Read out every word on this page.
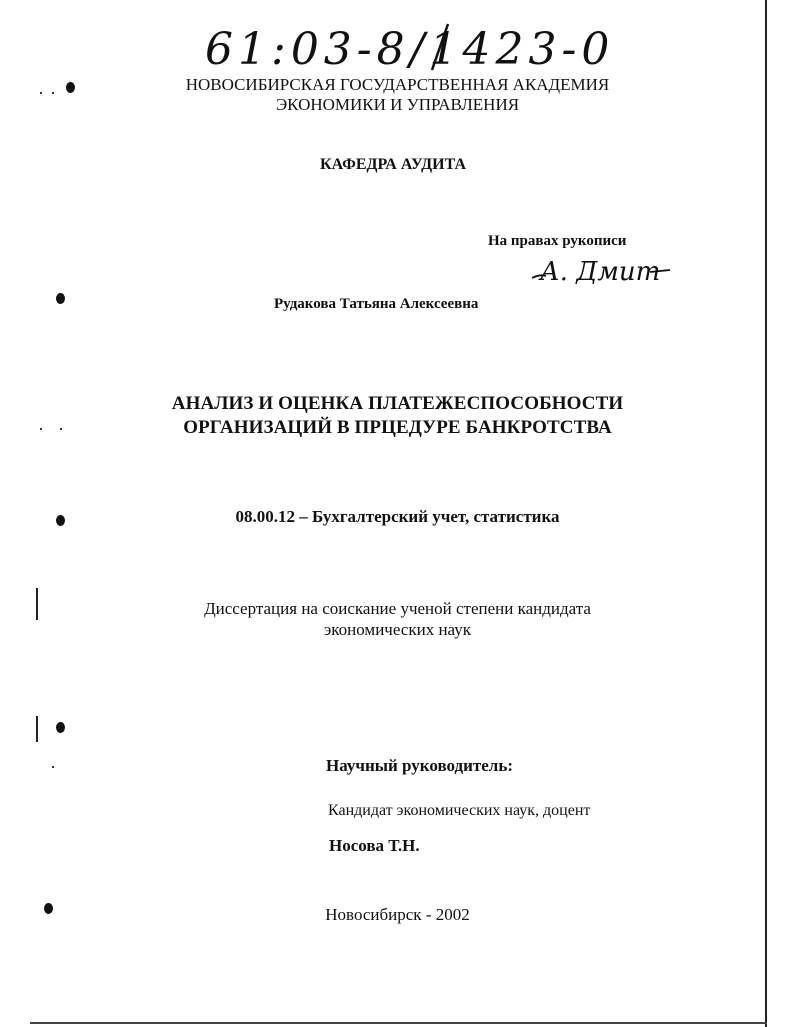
61:03-8/1423-0
НОВОСИБИРСКАЯ ГОСУДАРСТВЕННАЯ АКАДЕМИЯ
ЭКОНОМИКИ И УПРАВЛЕНИЯ
КАФЕДРА АУДИТА
На правах рукописи
А. Дмит
Рудакова Татьяна Алексеевна
АНАЛИЗ И ОЦЕНКА ПЛАТЕЖЕСПОСОБНОСТИ
ОРГАНИЗАЦИЙ В ПРЦЕДУРЕ БАНКРОТСТВА
08.00.12 – Бухгалтерский учет, статистика
Диссертация на соискание ученой степени кандидата
экономических наук
Научный руководитель:
Кандидат экономических наук, доцент
Носова Т.Н.
Новосибирск - 2002
